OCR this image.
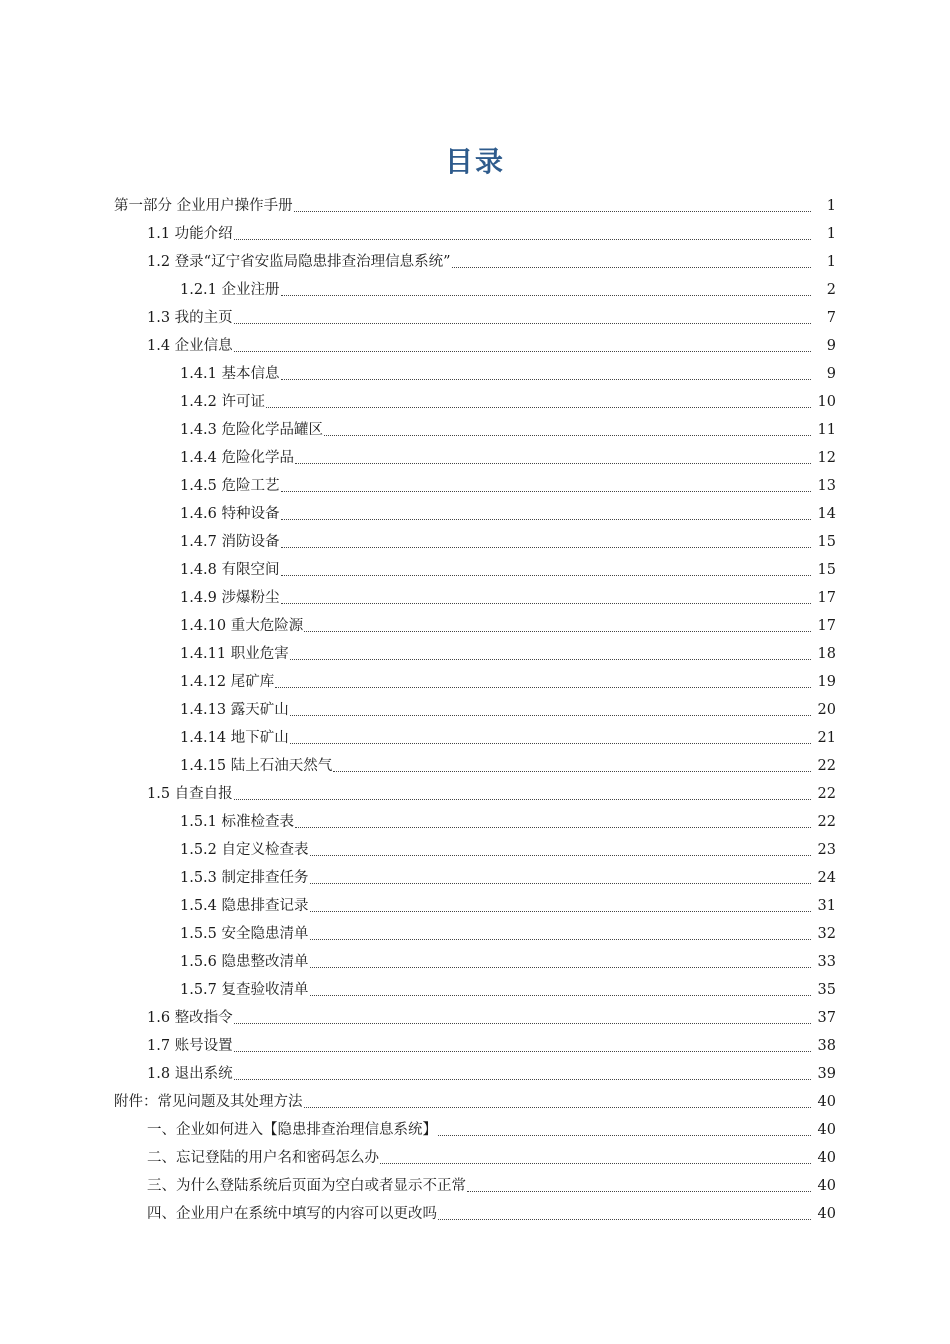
目录
第一部分 企业用户操作手册	1
1.1 功能介绍	1
1.2 登录“辽宁省安监局隐患排查治理信息系统”	1
1.2.1 企业注册	2
1.3 我的主页	7
1.4 企业信息	9
1.4.1 基本信息	9
1.4.2 许可证	10
1.4.3 危险化学品罐区	11
1.4.4 危险化学品	12
1.4.5 危险工艺	13
1.4.6 特种设备	14
1.4.7 消防设备	15
1.4.8 有限空间	15
1.4.9 涉爆粉尘	17
1.4.10 重大危险源	17
1.4.11 职业危害	18
1.4.12 尾矿库	19
1.4.13 露天矿山	20
1.4.14 地下矿山	21
1.4.15 陆上石油天然气	22
1.5 自查自报	22
1.5.1 标准检查表	22
1.5.2 自定义检查表	23
1.5.3 制定排查任务	24
1.5.4 隐患排查记录	31
1.5.5 安全隐患清单	32
1.5.6 隐患整改清单	33
1.5.7 复查验收清单	35
1.6 整改指令	37
1.7 账号设置	38
1.8 退出系统	39
附件：常见问题及其处理方法	40
一、企业如何进入【隐患排查治理信息系统】	40
二、忘记登陆的用户名和密码怎么办	40
三、为什么登陆系统后页面为空白或者显示不正常	40
四、企业用户在系统中填写的内容可以更改吗	40
